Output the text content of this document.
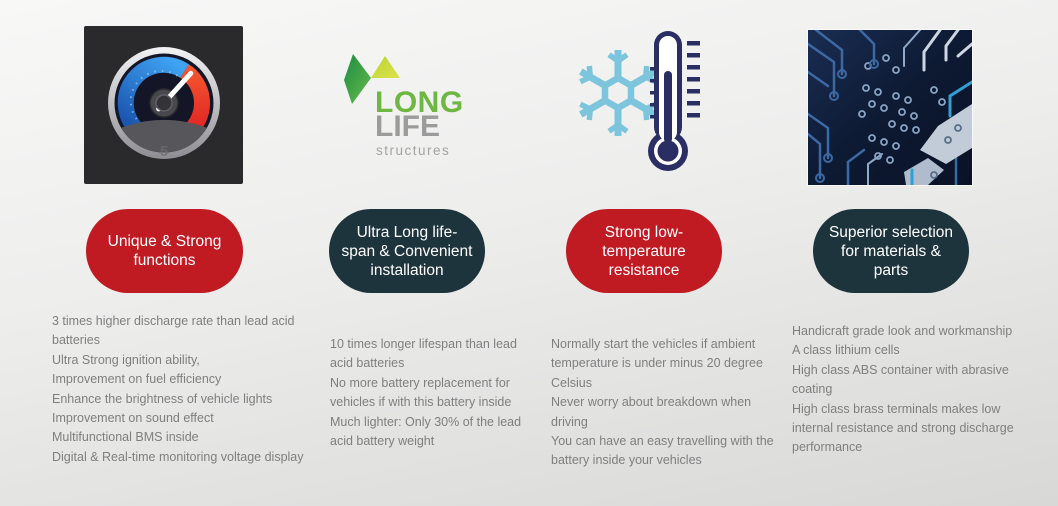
5
Unique & Strong
functions

3 times higher discharge rate than lead acid batteries

Ultra Strong ignition ability,

Improvement on fuel efficiency

Enhance the brightness of vehicle lights

Improvement on sound effect

Multifunctional BMS inside

Digital & Real-time monitoring voltage display

LONG
LIFE
structures
Ultra Long life-
span & Convenient
installation

10 times longer lifespan than lead acid batteries

No more battery replacement for vehicles if with this battery inside

Much lighter: Only 30% of the lead acid battery weight

Strong low-
temperature
resistance

Normally start the vehicles if ambient temperature is under minus 20 degree Celsius

Never worry about breakdown when driving

You can have an easy travelling with the battery inside your vehicles

Superior selection
for materials &
parts

Handicraft grade look and workmanship

A class lithium cells

High class ABS container with abrasive coating

High class brass terminals makes low internal resistance and strong discharge performance
